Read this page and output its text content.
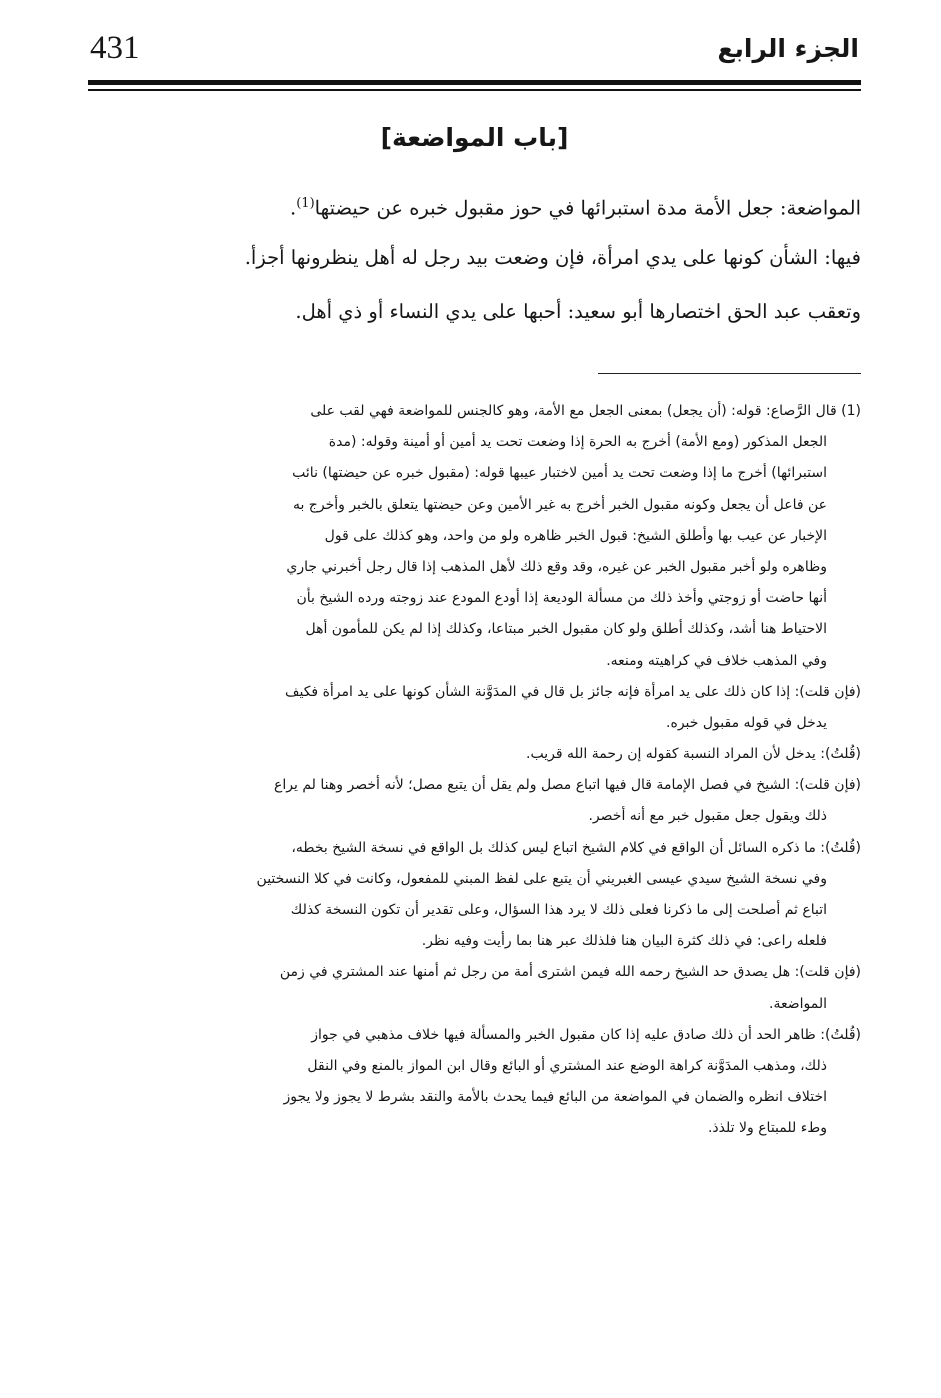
الجزء الرابع
431
[باب المواضعة]
المواضعة: جعل الأمة مدة استبرائها في حوز مقبول خبره عن حيضتها$^{(1)}$.
فيها: الشأن كونها على يدي امرأة، فإن وضعت بيد رجل له أهل ينظرونها أجزأ.
وتعقب عبد الحق اختصارها أبو سعيد: أحبها على يدي النساء أو ذي أهل.
(1) قال الرَّصاع: قوله: (أن يجعل) بمعنى الجعل مع الأمة، وهو كالجنس للمواضعة فهي لقب على
الجعل المذكور (ومع الأمة) أخرج به الحرة إذا وضعت تحت يد أمين أو أمينة وقوله: (مدة
استبرائها) أخرج ما إذا وضعت تحت يد أمين لاختبار عيبها قوله: (مقبول خبره عن حيضتها) نائب
عن فاعل أن يجعل وكونه مقبول الخبر أخرج به غير الأمين وعن حيضتها يتعلق بالخبر وأخرج به
الإخبار عن عيب بها وأطلق الشيخ: قبول الخبر ظاهره ولو من واحد، وهو كذلك على قول
وظاهره ولو أخبر مقبول الخبر عن غيره، وقد وقع ذلك لأهل المذهب إذا قال رجل أخبرني جاري
أنها حاضت أو زوجتي وأخذ ذلك من مسألة الوديعة إذا أودع المودع عند زوجته ورده الشيخ بأن
الاحتياط هنا أشد، وكذلك أطلق ولو كان مقبول الخبر مبتاعا، وكذلك إذا لم يكن للمأمون أهل
وفي المذهب خلاف في كراهيته ومنعه.
(فإن قلت): إذا كان ذلك على يد امرأة فإنه جائز بل قال في المدَوَّنة الشأن كونها على يد امرأة فكيف
يدخل في قوله مقبول خبره.
(قُلتُ): يدخل لأن المراد النسبة كقوله إن رحمة الله قريب.
(فإن قلت): الشيخ في فصل الإمامة قال فيها اتباع مصل ولم يقل أن يتبع مصل؛ لأنه أخصر وهنا لم يراع
ذلك ويقول جعل مقبول خبر مع أنه أخصر.
(قُلتُ): ما ذكره السائل أن الواقع في كلام الشيخ اتباع ليس كذلك بل الواقع في نسخة الشيخ بخطه،
وفي نسخة الشيخ سيدي عيسى الغبريني أن يتبع على لفظ المبني للمفعول، وكانت في كلا النسختين
اتباع ثم أصلحت إلى ما ذكرنا فعلى ذلك لا يرد هذا السؤال، وعلى تقدير أن تكون النسخة كذلك
فلعله راعى: في ذلك كثرة البيان هنا فلذلك عبر هنا بما رأيت وفيه نظر.
(فإن قلت): هل يصدق حد الشيخ رحمه الله فيمن اشترى أمة من رجل ثم أمنها عند المشتري في زمن
المواضعة.
(قُلتُ): ظاهر الحد أن ذلك صادق عليه إذا كان مقبول الخبر والمسألة فيها خلاف مذهبي في جواز
ذلك، ومذهب المدَوَّنة كراهة الوضع عند المشتري أو البائع وقال ابن المواز بالمنع وفي النقل
اختلاف انظره والضمان في المواضعة من البائع فيما يحدث بالأمة والنقد بشرط لا يجوز ولا يجوز
وطء للمبتاع ولا تلذذ.
